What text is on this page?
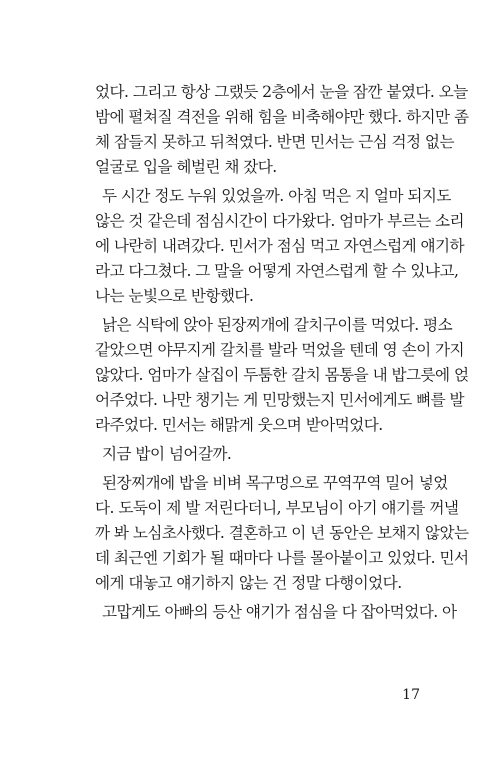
었다. 그리고 항상 그랬듯 2층에서 눈을 잠깐 붙였다. 오늘
밤에 펼쳐질 격전을 위해 힘을 비축해야만 했다. 하지만 좀
체 잠들지 못하고 뒤척였다. 반면 민서는 근심 걱정 없는
얼굴로 입을 헤벌린 채 잤다.
두 시간 정도 누워 있었을까. 아침 먹은 지 얼마 되지도
않은 것 같은데 점심시간이 다가왔다. 엄마가 부르는 소리
에 나란히 내려갔다. 민서가 점심 먹고 자연스럽게 얘기하
라고 다그쳤다. 그 말을 어떻게 자연스럽게 할 수 있냐고,
나는 눈빛으로 반항했다.
낡은 식탁에 앉아 된장찌개에 갈치구이를 먹었다. 평소
같았으면 야무지게 갈치를 발라 먹었을 텐데 영 손이 가지
않았다. 엄마가 살집이 두툼한 갈치 몸통을 내 밥그릇에 얹
어주었다. 나만 챙기는 게 민망했는지 민서에게도 뼈를 발
라주었다. 민서는 해맑게 웃으며 받아먹었다.
지금 밥이 넘어갈까.
된장찌개에 밥을 비벼 목구멍으로 꾸역꾸역 밀어 넣었
다. 도둑이 제 발 저린다더니, 부모님이 아기 얘기를 꺼낼
까 봐 노심초사했다. 결혼하고 이 년 동안은 보채지 않았는
데 최근엔 기회가 될 때마다 나를 몰아붙이고 있었다. 민서
에게 대놓고 얘기하지 않는 건 정말 다행이었다.
고맙게도 아빠의 등산 얘기가 점심을 다 잡아먹었다. 아
17
